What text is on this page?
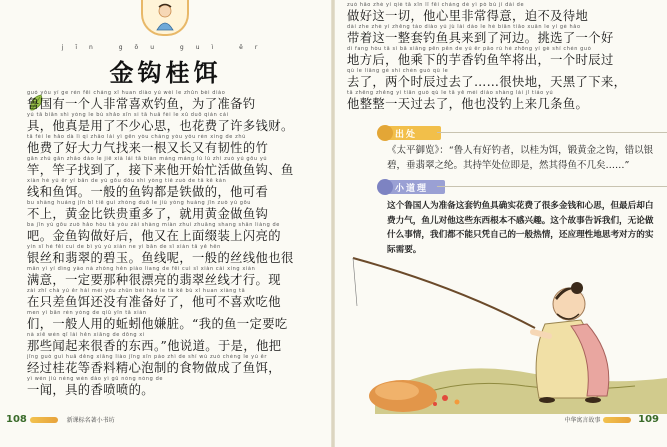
jīn gōu guì ěr
金钩桂饵
guó yǒu yí ge rén fēi cháng xǐ huan diào yú wèi le zhǔn bèi diào
鲁国有一个人非常喜欢钓鱼，为了准备钓
yú tā biān shì yòng le bù shǎo xīn si tā huā fèi le xǔ duō qián cái
具，他真是用了不少心思，也花费了许多钱财。
tā fèi le hǎo dà lì qi zhǎo lái yì gēn yòu cháng yòu yǒu rèn xìng de zhú
他费了好大力气找来一根又长又有韧性的竹
gān zhú gān zhǎo dào le jiē xià lái tā biàn máng máng lù lù zhì zuò yú gōu yú
竿，竿子找到了，接下来他开始忙活做鱼钩、鱼
xiàn hé yú ěr yí bān de yú gōu dōu shì yòng tiě zuò de tā kě kàn
线和鱼饵。一般的鱼钩都是铁做的，他可看
bu shàng huáng jīn bǐ tiě guì zhòng duō le jiù yòng huáng jīn zuò yú gōu
不上，黄金比铁贵重多了，就用黄金做鱼钩
ba jīn yú gōu zuò hǎo hòu tā yòu zài shàng miàn zhuì zhuāng shang shǎn liàng de
吧。金鱼钩做好后，他又在上面缀装上闪亮的
yín sī hé fěi cuì de bì yù yú xiàn ne yì bān de sī xiàn tā yě hěn
银丝和翡翠的碧玉。鱼线呢，一般的丝线他也很
mǎn yì yí dìng yào nà zhǒng hěn piào liang de fěi cuì sī xiàn cái xíng xiàn
满意，一定要那种很漂亮的翡翠丝线才行。现
zài zhǐ chà yú ěr hái méi yǒu zhǔn bèi hǎo le tā kě bù xǐ huan xiàng tā
在只差鱼饵还没有准备好了，他可不喜欢吃他
men yì bān rén yòng de qiū yǐn tā xián
们，一般人用的蚯蚓他嫌脏。“我的鱼一定要吃
nà xiē wén qǐ lái hěn xiāng de dōng xi
那些闻起来很香的东西。”他说道。于是，他把
jīng guò guì huā děng xiāng liào jīng xīn pào zhì de shí wù zuò chéng le yú ěr
经过桂花等香料精心泡制的食物做成了鱼饵，
yì wén jiù néng wén dào yì gǔ nóng nóng de
一闻，具的香喷喷的。
108	新课标名著小书坊
zuò hǎo zhè yí qiè tā xīn lǐ fēi cháng dé yì pò bù jí dài de
做好这一切，他心里非常得意，迫不及待地
dài zhe zhè yí zhěng tào diào yú jù lái dào le hé biān tiāo xuǎn le yí gè hǎo
带着这一整套钓鱼具来到了河边。挑选了一个好
dì fang hòu tā sì bǎ xiāng pēn pēn de yú ěr pāo rù hé zhōng yí gè shí chén guò
地方后，他乘下的芋香钓鱼竿将出，一个时辰过
qù le liǎng gè shí chén guò qù le
去了，两个时辰过去了……很快地，天黑了下来，
tā zhěng zhěng yì tiān guò qù le tā yě méi diào shàng lái jǐ tiáo yú
他整整一天过去了，他也没钓上来几条鱼。
出处
《太平御览》：“鲁人有好钓者，以桂为饵，锻黄金之钩，错以银碧，垂翡翠之纶。其持竿处位即是，然其得鱼不几矣……”
小道理
这个鲁国人为准备这套钓鱼具确实花费了很多金钱和心思，但最后却白费力气，鱼儿对他这些东西根本不感兴趣。这个故事告诉我们，无论做什么事情，我们都不能只凭自己的一般热情，还应理性地思考对方的实际需要。
中华寓言故事	109
